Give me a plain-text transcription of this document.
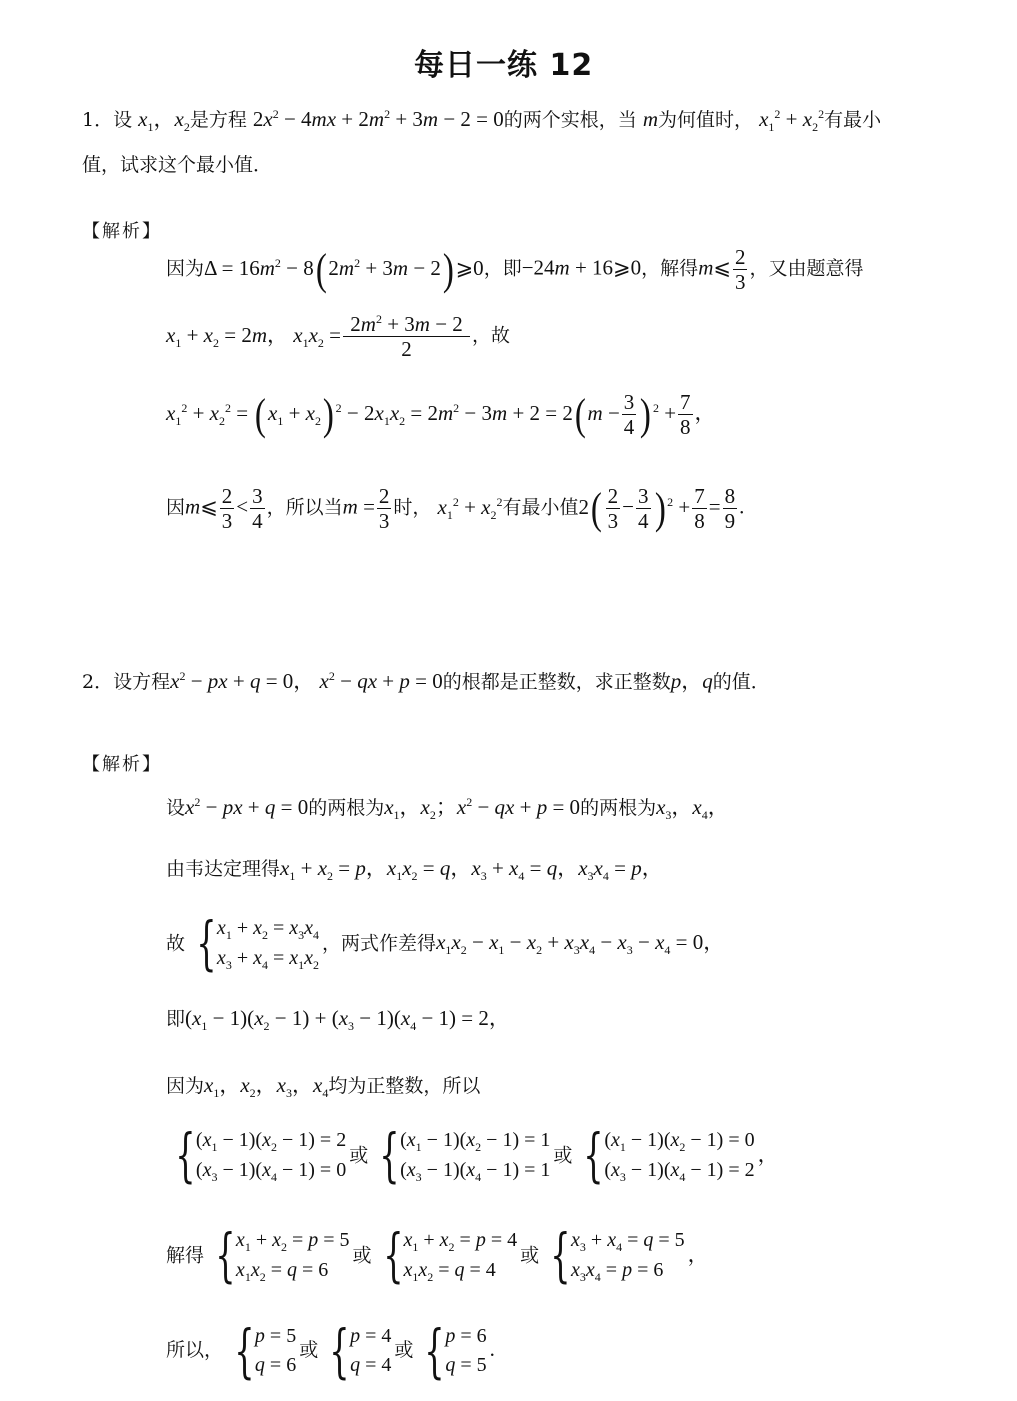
每日一练 12
1．设 $x_1$，$x_2$是方程 $2x^2 - 4mx + 2m^2 + 3m - 2 = 0$的两个实根，当 m为何值时， $x_1^2 + x_2^2$有最小
值，试求这个最小值．
【解析】
因为$\Delta = 16m^2 - 8(2m^2 + 3m$ − 2)⩾0，即−24m + 16⩾0，解得m⩽ $\frac{2}{3}$ ，又由题意得
$x_1 + x_2 = 2m$， $x_1x_2 = \frac{2m^2 + 3m - 2}{2}$ ，故
$x_1^2 + x_2^2 = (x_1 + x_2) ^2 - 2x_1x_2 = 2m^2 - 3m + 2 = 2(m - \frac{3}{4}$ ) $^2 + \frac{7}{8}$ ，
因m⩽ $\frac{2}{3} < \frac{3}{4}$ ，所以当$m = \frac{2}{3}$ 时， $x_1^2 + x_2^2$有最小值$2( \frac{2}{3} - \frac{3}{4}$ ) $^2 + \frac{7}{8} = \frac{8}{9}$ .
2．设方程$x^2$ − px + q = 0， $x^2$ − qx + p = 0的根都是正整数，求正整数p，q的值．
【解析】
设$x^2$ − px + q = 0的两根为$x_1$，$x_2$；$x^2$ − qx + p = 0的两根为$x_3$，$x_4$，
由韦达定理得$x_1 + x_2 = p$，$x_1x_2 = q$，$x_3 + x_4 = q$，$x_3x_4 = p$，
故 { $x_1 + x_2 = x_3x_4$
$x_3 + x_4 = x_1x_2$
，两式作差得$x_1x_2 - x_1 - x_2 + x_3x_4 - x_3 - x_4 = 0$，
即$(x_1 - 1)(x_2 - 1) + (x_3 - 1)(x_4 - 1) = 2$，
因为$x_1$，$x_2$，$x_3$，$x_4$均为正整数，所以
{ $(x_1 - 1)(x_2 - 1) = 2$
$(x_3 - 1)(x_4 - 1) = 0$
或 { $(x_1 - 1)(x_2 - 1) = 1$
$(x_3 - 1)(x_4 - 1) = 1$
或 { $(x_1 - 1)(x_2 - 1) = 0$
$(x_3 - 1)(x_4 - 1) = 2$
，
解得 { $x_1 + x_2 = p = 5$
$x_1x_2 = q = 6$
或 { $x_1 + x_2 = p = 4$
$x_1x_2 = q = 4$
或 { $x_3 + x_4 = q = 5$
$x_3x_4 = p = 6$
，
所以， { p = 5
q = 6
或 { p = 4
q = 4
或 { p = 6
q = 5
.
